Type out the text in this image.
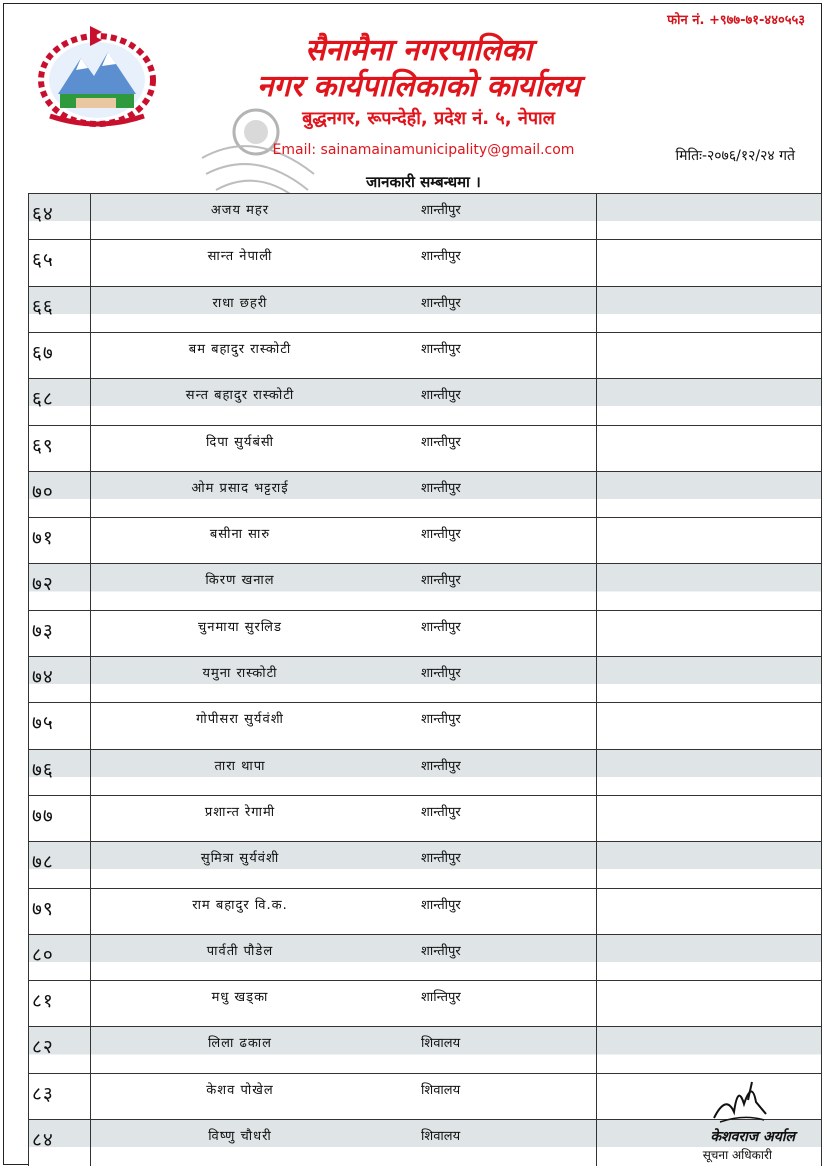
फोन नं. +९७७-७१-४४०५५३
सैनामैना नगरपालिका
नगर कार्यपालिकाको कार्यालय
बुद्धनगर, रूपन्देही, प्रदेश नं. ५, नेपाल
Email: sainamainamunicipality@gmail.com	मितिः-२०७६/१२/२४ गते
जानकारी सम्बन्धमा ।
८४	विष्णु चौधरी	शिवालय
८३	केशव पोखेल	शिवालय
८२	लिला ढकाल	शिवालय
८१	मधु खड्का	शान्तिपुर
८०	पार्वती पौडेल	शान्तीपुर
७९	राम बहादुर वि.क.	शान्तीपुर
७८	सुमित्रा सुर्यवंशी	शान्तीपुर
७७	प्रशान्त रेगामी	शान्तीपुर
७६	तारा थापा	शान्तीपुर
७५	गोपीसरा सुर्यवंशी	शान्तीपुर
७४	यमुना रास्कोटी	शान्तीपुर
७३	चुनमाया सुरलिड	शान्तीपुर
७२	किरण खनाल	शान्तीपुर
७१	बसीना सारु	शान्तीपुर
७०	ओम प्रसाद भट्टराई	शान्तीपुर
६९	दिपा सुर्यबंसी	शान्तीपुर
६८	सन्त बहादुर रास्कोटी	शान्तीपुर
६७	बम बहादुर रास्कोटी	शान्तीपुर
६६	राधा छहरी	शान्तीपुर
६५	सान्त नेपाली	शान्तीपुर
६४	अजय महर	शान्तीपुर
केशवराज अर्याल
सूचना अधिकारी
